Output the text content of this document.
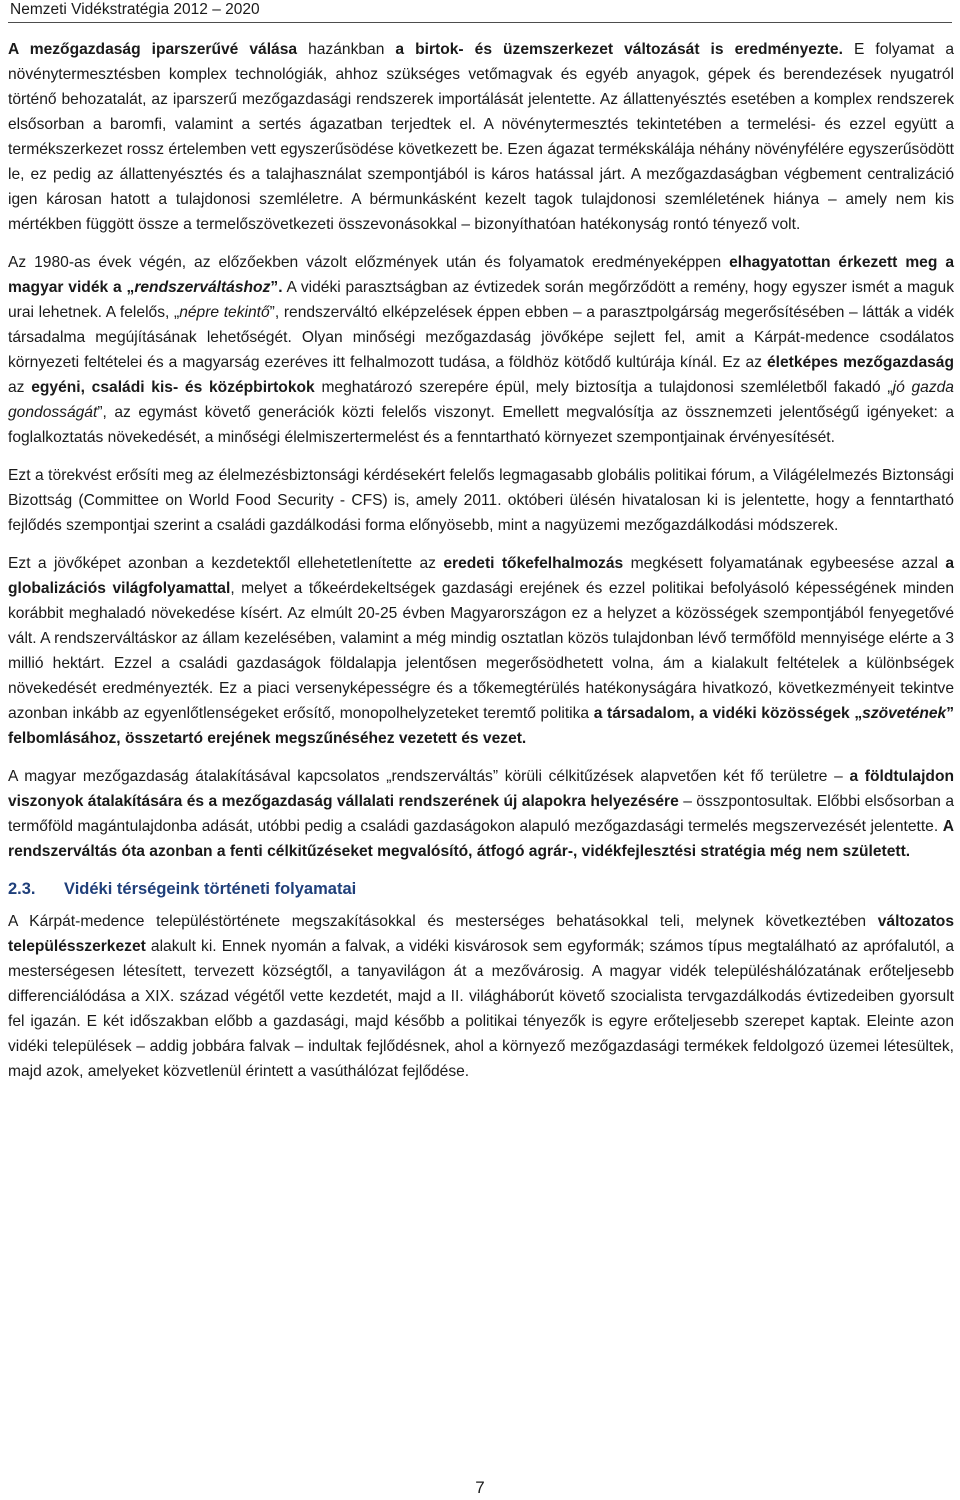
Nemzeti Vidékstratégia 2012 – 2020

A mezőgazdaság iparszerűvé válása hazánkban a birtok- és üzemszerkezet változását is eredményezte. E folyamat a növénytermesztésben komplex technológiák, ahhoz szükséges vetőmagvak és egyéb anyagok, gépek és berendezések nyugatról történő behozatalát, az iparszerű mezőgazdasági rendszerek importálását jelentette. Az állattenyésztés esetében a komplex rendszerek elsősorban a baromfi, valamint a sertés ágazatban terjedtek el. A növénytermesztés tekintetében a termelési- és ezzel együtt a termékszerkezet rossz értelemben vett egyszerűsödése következett be. Ezen ágazat termékskálája néhány növényfélére egyszerűsödött le, ez pedig az állattenyésztés és a talajhasználat szempontjából is káros hatással járt. A mezőgazdaságban végbement centralizáció igen károsan hatott a tulajdonosi szemléletre. A bérmunkásként kezelt tagok tulajdonosi szemléletének hiánya – amely nem kis mértékben függött össze a termelőszövetkezeti összevonásokkal – bizonyíthatóan hatékonyság rontó tényező volt.

Az 1980-as évek végén, az előzőekben vázolt előzmények után és folyamatok eredményeképpen elhagyatottan érkezett meg a magyar vidék a „rendszerváltáshoz”. A vidéki parasztságban az évtizedek során megőrződött a remény, hogy egyszer ismét a maguk urai lehetnek. A felelős, „népre tekintő”, rendszerváltó elképzelések éppen ebben – a parasztpolgárság megerősítésében – látták a vidék társadalma megújításának lehetőségét. Olyan minőségi mezőgazdaság jövőképe sejlett fel, amit a Kárpát-medence csodálatos környezeti feltételei és a magyarság ezeréves itt felhalmozott tudása, a földhöz kötődő kultúrája kínál. Ez az életképes mezőgazdaság az egyéni, családi kis- és középbirtokok meghatározó szerepére épül, mely biztosítja a tulajdonosi szemléletből fakadó „jó gazda gondosságát”, az egymást követő generációk közti felelős viszonyt. Emellett megvalósítja az össznemzeti jelentőségű igényeket: a foglalkoztatás növekedését, a minőségi élelmiszertermelést és a fenntartható környezet szempontjainak érvényesítését.

Ezt a törekvést erősíti meg az élelmezésbiztonsági kérdésekért felelős legmagasabb globális politikai fórum, a Világélelmezés Biztonsági Bizottság (Committee on World Food Security - CFS) is, amely 2011. októberi ülésén hivatalosan ki is jelentette, hogy a fenntartható fejlődés szempontjai szerint a családi gazdálkodási forma előnyösebb, mint a nagyüzemi mezőgazdálkodási módszerek.

Ezt a jövőképet azonban a kezdetektől ellehetetlenítette az eredeti tőkefelhalmozás megkésett folyamatának egybeesése azzal a globalizációs világfolyamattal, melyet a tőkeérdekeltségek gazdasági erejének és ezzel politikai befolyásoló képességének minden korábbit meghaladó növekedése kísért. Az elmúlt 20-25 évben Magyarországon ez a helyzet a közösségek szempontjából fenyegetővé vált. A rendszerváltáskor az állam kezelésében, valamint a még mindig osztatlan közös tulajdonban lévő termőföld mennyisége elérte a 3 millió hektárt. Ezzel a családi gazdaságok földalapja jelentősen megerősödhetett volna, ám a kialakult feltételek a különbségek növekedését eredményezték. Ez a piaci versenyképességre és a tőkemegtérülés hatékonyságára hivatkozó, következményeit tekintve azonban inkább az egyenlőtlenségeket erősítő, monopolhelyzeteket teremtő politika a társadalom, a vidéki közösségek „szövetének” felbomlásához, összetartó erejének megszűnéséhez vezetett és vezet.

A magyar mezőgazdaság átalakításával kapcsolatos „rendszerváltás” körüli célkitűzések alapvetően két fő területre – a földtulajdon viszonyok átalakítására és a mezőgazdaság vállalati rendszerének új alapokra helyezésére – összpontosultak. Előbbi elsősorban a termőföld magántulajdonba adását, utóbbi pedig a családi gazdaságokon alapuló mezőgazdasági termelés megszervezését jelentette. A rendszerváltás óta azonban a fenti célkitűzéseket megvalósító, átfogó agrár-, vidékfejlesztési stratégia még nem született.

2.3. Vidéki térségeink történeti folyamatai

A Kárpát-medence településtörténete megszakításokkal és mesterséges behatásokkal teli, melynek következtében változatos településszerkezet alakult ki. Ennek nyomán a falvak, a vidéki kisvárosok sem egyformák; számos típus megtalálható az aprófalutól, a mesterségesen létesített, tervezett községtől, a tanyavilágon át a mezővárosig. A magyar vidék településhálózatának erőteljesebb differenciálódása a XIX. század végétől vette kezdetét, majd a II. világháborút követő szocialista tervgazdálkodás évtizedeiben gyorsult fel igazán. E két időszakban előbb a gazdasági, majd később a politikai tényezők is egyre erőteljesebb szerepet kaptak. Eleinte azon vidéki települések – addig jobbára falvak – indultak fejlődésnek, ahol a környező mezőgazdasági termékek feldolgozó üzemei létesültek, majd azok, amelyeket közvetlenül érintett a vasúthálózat fejlődése.

7
